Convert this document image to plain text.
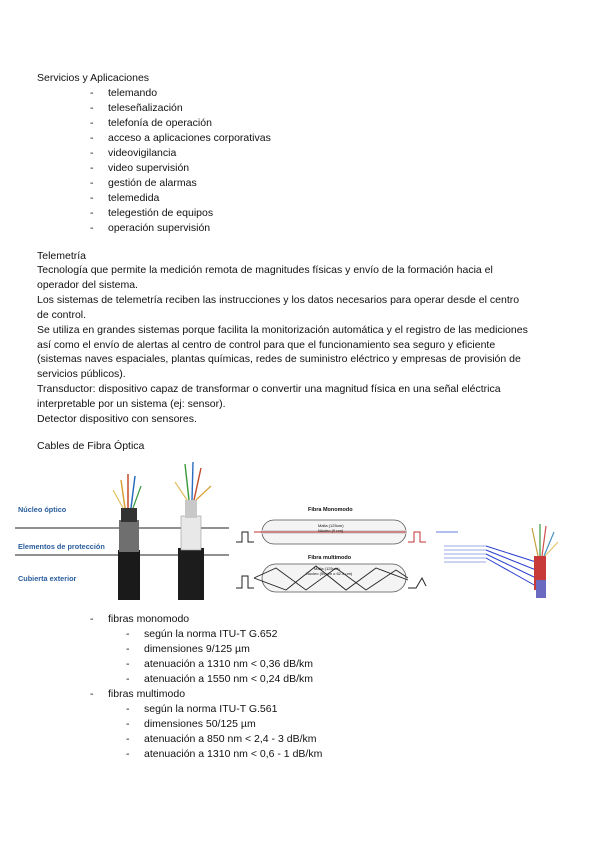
Servicios y Aplicaciones
-	telemando
-	teleseñalización
-	telefonía de operación
-	acceso a aplicaciones corporativas
-	videovigilancia
-	video supervisión
-	gestión de alarmas
-	telemedida
-	telegestión de equipos
-	operación supervisión
Telemetría

Tecnología que permite la medición remota de magnitudes físicas y envío de la formación hacia el

operador del sistema.

Los sistemas de telemetría reciben las instrucciones y los datos necesarios para operar desde el centro

de control.

Se utiliza en grandes sistemas porque facilita la monitorización automática y el registro de las mediciones

así como el envío de alertas al centro de control para que el funcionamiento sea seguro y eficiente

(sistemas naves espaciales, plantas químicas, redes de suministro eléctrico y empresas de provisión de

servicios públicos).

Transductor: dispositivo capaz de transformar o convertir una magnitud física en una señal eléctrica

interpretable por un sistema (ej: sensor).

Detector dispositivo con sensores.

Cables de Fibra Óptica
Núcleo óptico
Elementos de protección
Cubierta exterior
Fibra Monomodo
Malla (125um)
Núcleo (9 um)
Fibra multimodo
Malla (125um)
Núcleo (50 um o 62.5 um)
-	fibras monomodo
-	según la norma ITU-T G.652
-	dimensiones 9/125 µm
-	atenuación a 1310 nm < 0,36 dB/km
-	atenuación a 1550 nm < 0,24 dB/km
-	fibras multimodo
-	según la norma ITU-T G.561
-	dimensiones 50/125 µm
-	atenuación a 850 nm < 2,4 - 3 dB/km
-	atenuación a 1310 nm < 0,6 - 1 dB/km
